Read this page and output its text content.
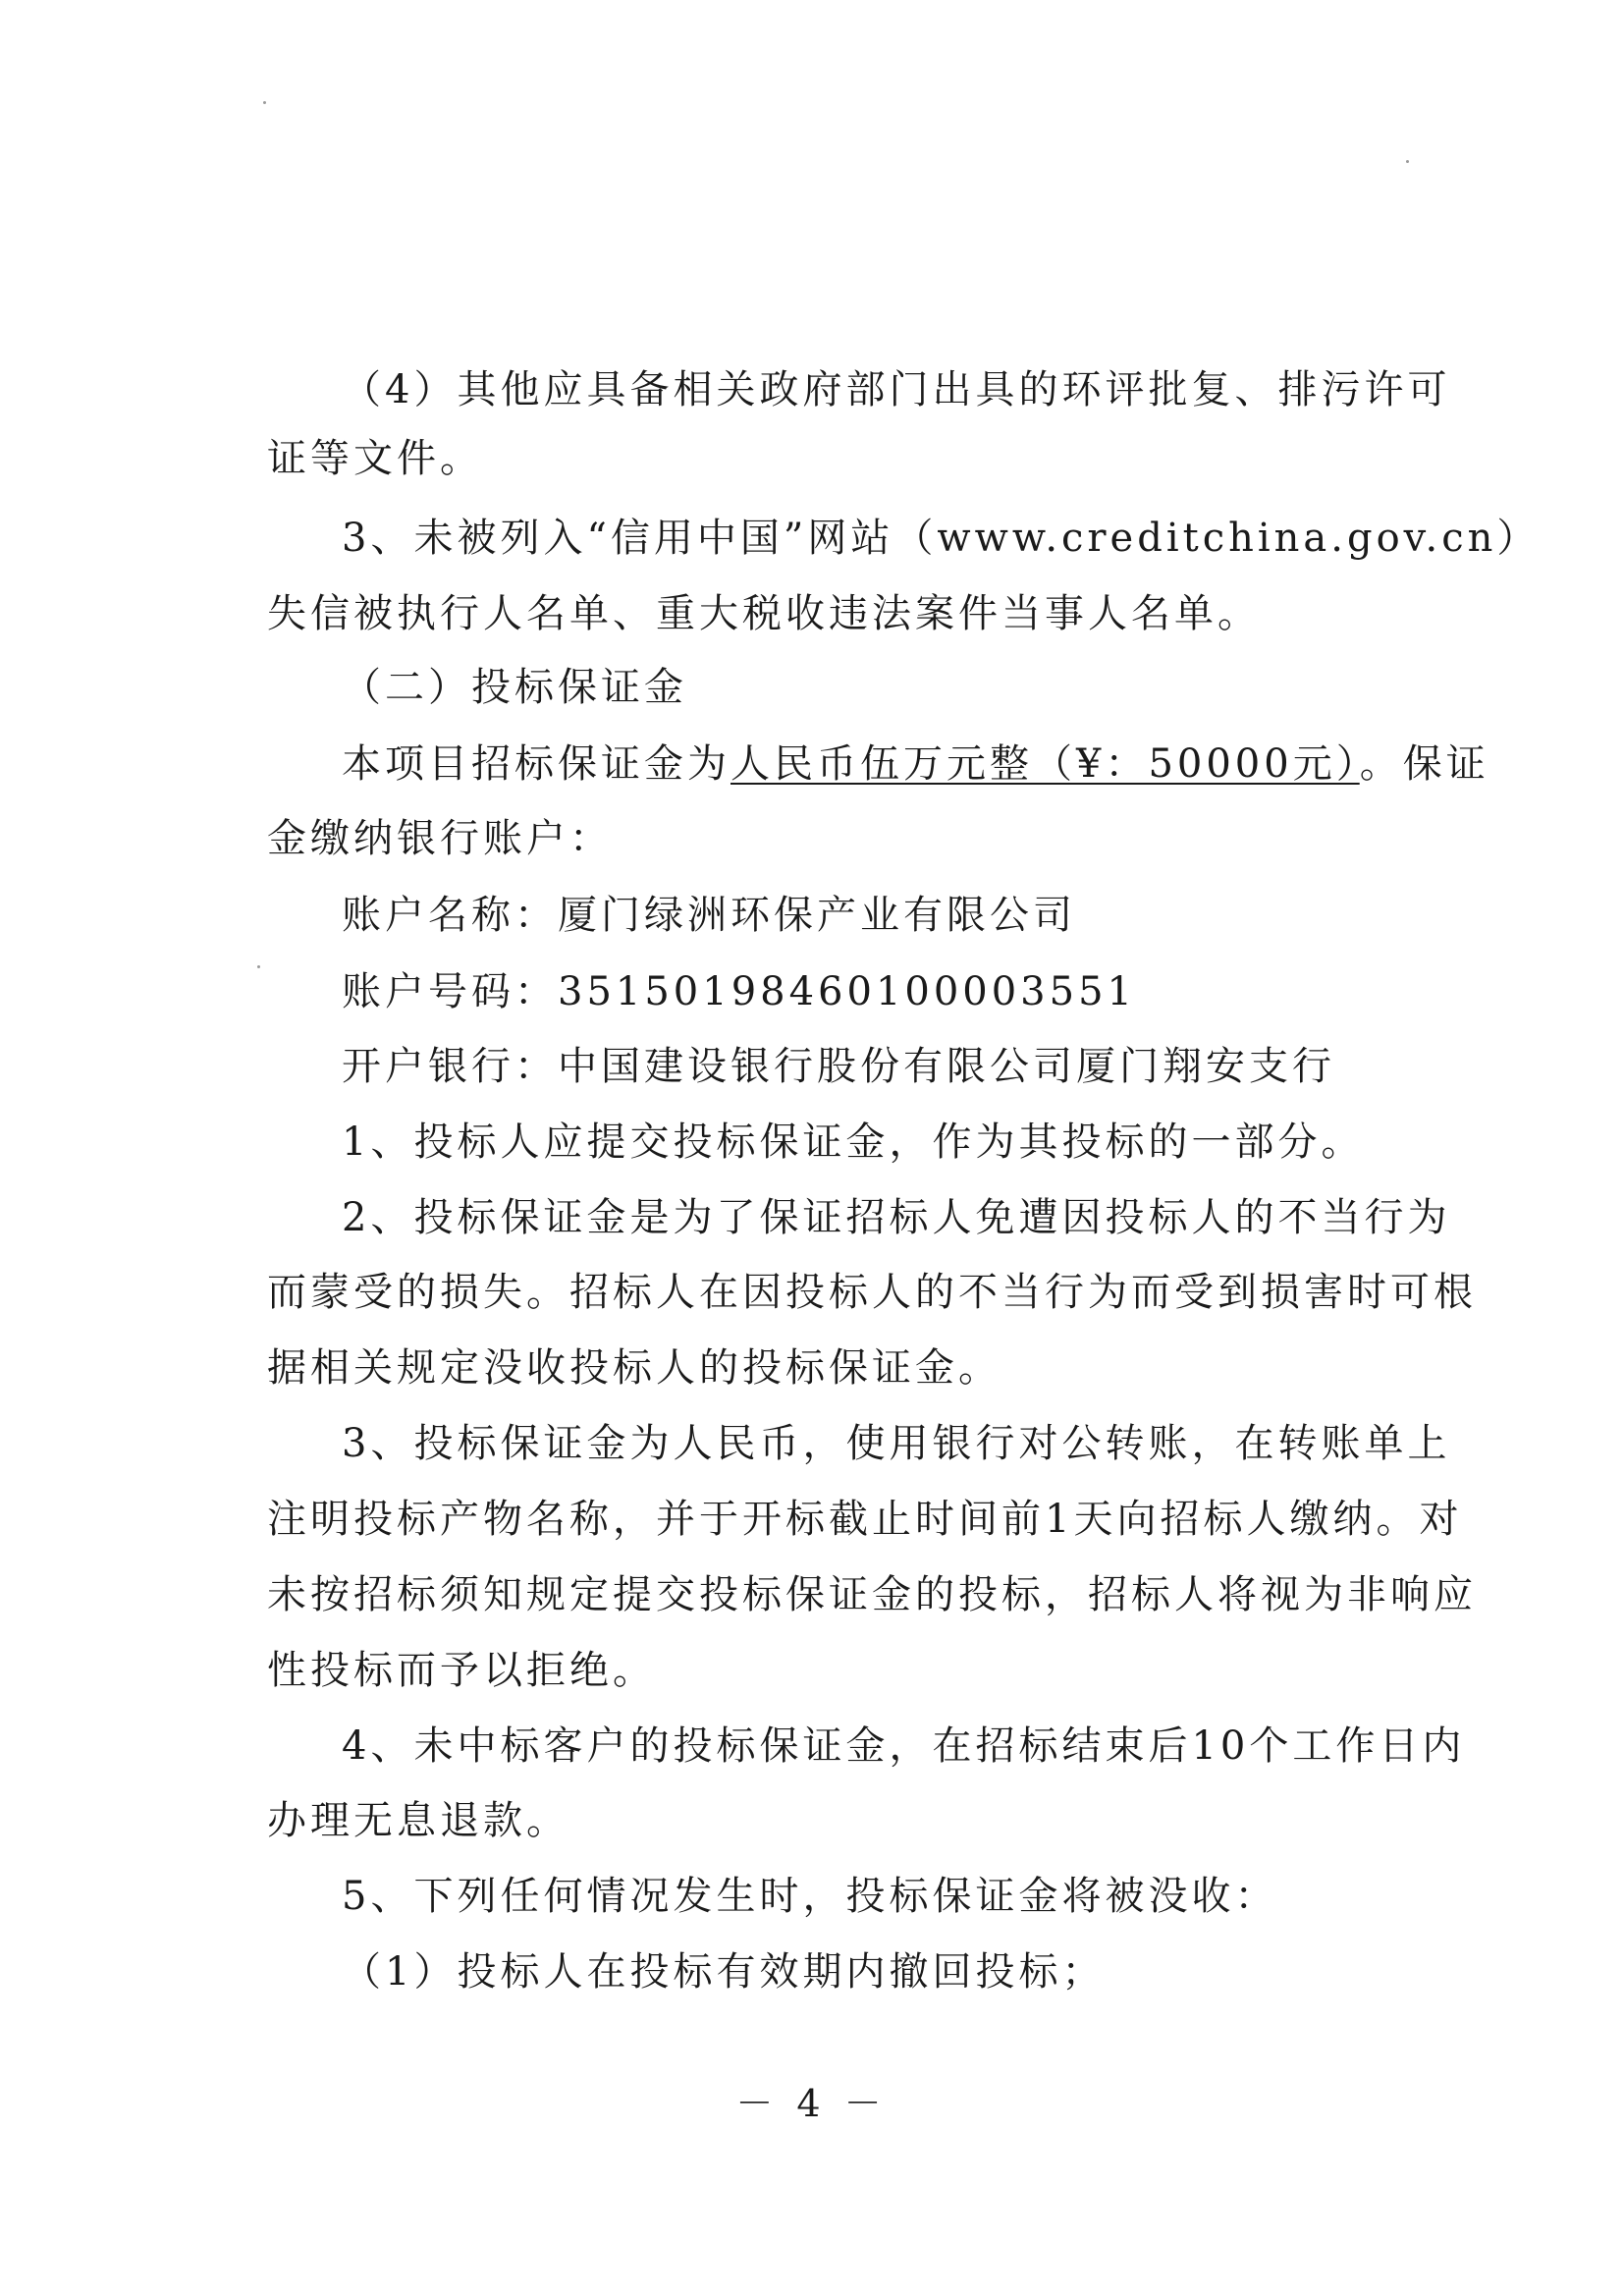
（4）其他应具备相关政府部门出具的环评批复、排污许可
证等文件。
3、未被列入“信用中国”网站（www.creditchina.gov.cn）
失信被执行人名单、重大税收违法案件当事人名单。
（二）投标保证金
本项目招标保证金为人民币伍万元整（¥：50000元）。保证
金缴纳银行账户：
账户名称：厦门绿洲环保产业有限公司
账户号码：35150198460100003551
开户银行：中国建设银行股份有限公司厦门翔安支行
1、投标人应提交投标保证金，作为其投标的一部分。
2、投标保证金是为了保证招标人免遭因投标人的不当行为
而蒙受的损失。招标人在因投标人的不当行为而受到损害时可根
据相关规定没收投标人的投标保证金。
3、投标保证金为人民币，使用银行对公转账，在转账单上
注明投标产物名称，并于开标截止时间前1天向招标人缴纳。对
未按招标须知规定提交投标保证金的投标，招标人将视为非响应
性投标而予以拒绝。
4、未中标客户的投标保证金，在招标结束后10个工作日内
办理无息退款。
5、下列任何情况发生时，投标保证金将被没收：
（1）投标人在投标有效期内撤回投标；
－ 4 －
